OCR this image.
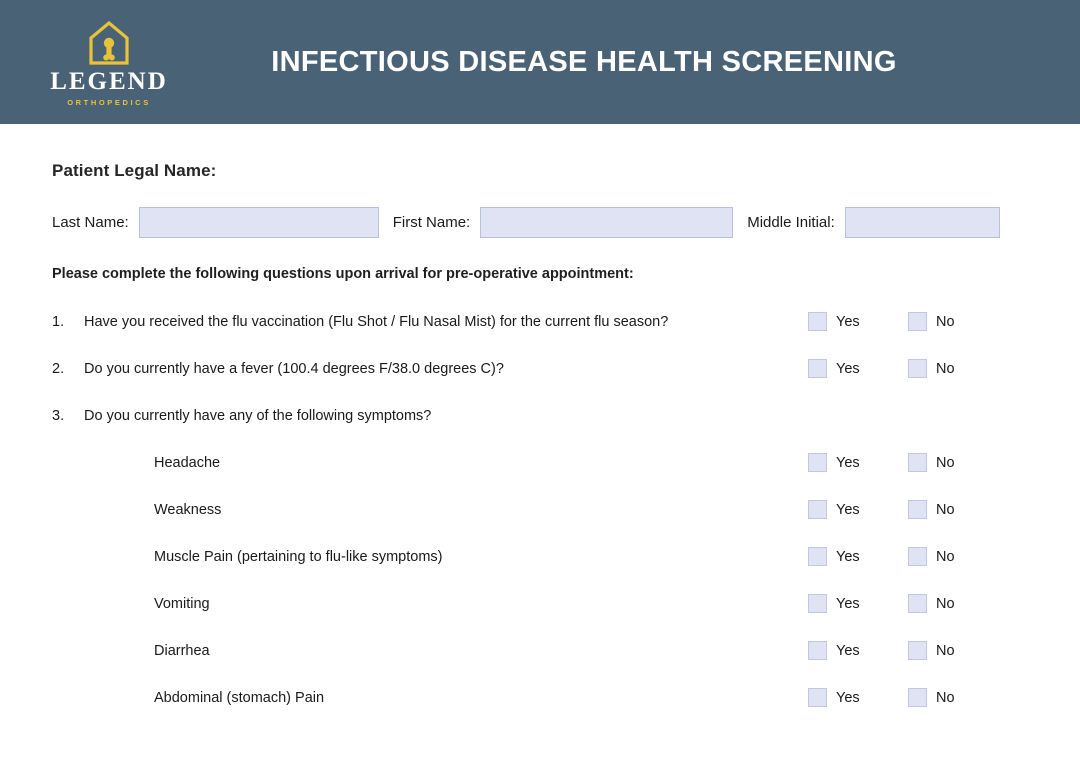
LEGEND
ORTHOPEDICS
INFECTIOUS DISEASE HEALTH SCREENING
Patient Legal Name:
Last Name:	First Name:	Middle Initial:
Please complete the following questions upon arrival for pre-operative appointment:
1.	Have you received the flu vaccination (Flu Shot / Flu Nasal Mist) for the current flu season?	Yes	No
2.	Do you currently have a fever (100.4 degrees F/38.0 degrees C)?	Yes	No
3.	Do you currently have any of the following symptoms?
Headache	Yes	No
Weakness	Yes	No
Muscle Pain (pertaining to flu-like symptoms)	Yes	No
Vomiting	Yes	No
Diarrhea	Yes	No
Abdominal (stomach) Pain	Yes	No
